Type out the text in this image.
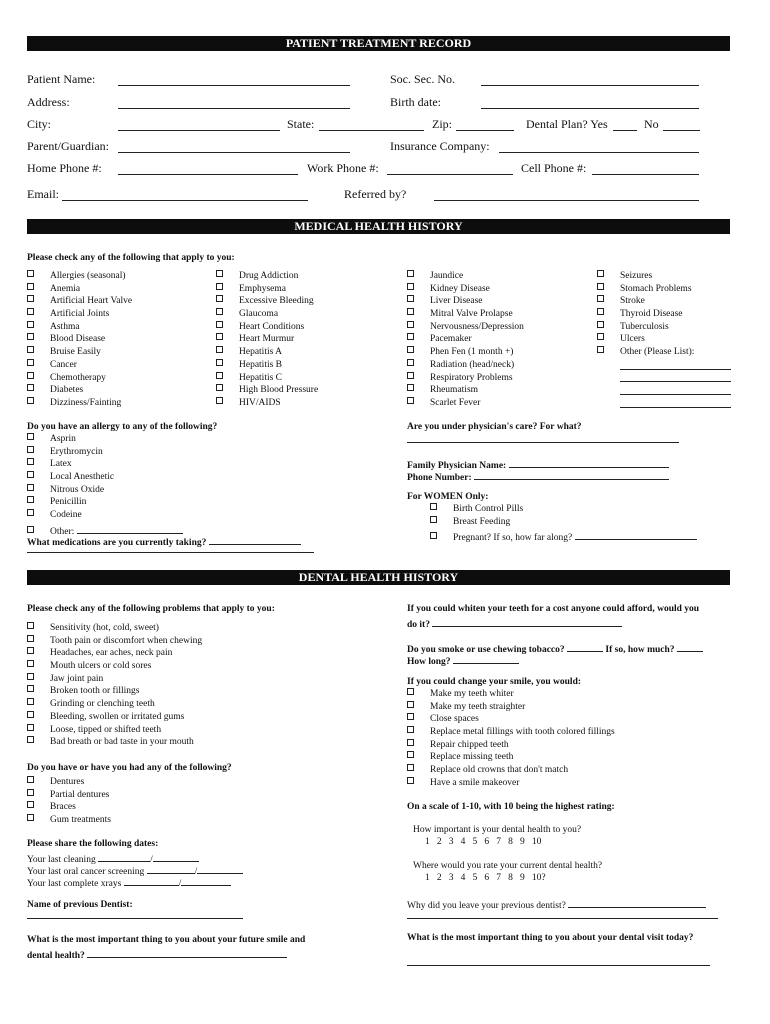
PATIENT TREATMENT RECORD
Patient Name:	Soc. Sec. No.
Address:	Birth date:
City:	State:	Zip:	Dental Plan? Yes	No
Parent/Guardian:	Insurance Company:
Home Phone #:	Work Phone #:	Cell Phone #:
Email:	Referred by?
MEDICAL HEALTH HISTORY
Please check any of the following that apply to you:
Allergies (seasonal)
Anemia
Artificial Heart Valve
Artificial Joints
Asthma
Blood Disease
Bruise Easily
Cancer
Chemotherapy
Diabetes
Dizziness/Fainting
Drug Addiction
Emphysema
Excessive Bleeding
Glaucoma
Heart Conditions
Heart Murmur
Hepatitis A
Hepatitis B
Hepatitis C
High Blood Pressure
HIV/AIDS
Jaundice
Kidney Disease
Liver Disease
Mitral Valve Prolapse
Nervousness/Depression
Pacemaker
Phen Fen (1 month +)
Radiation (head/neck)
Respiratory Problems
Rheumatism
Scarlet Fever
Seizures
Stomach Problems
Stroke
Thyroid Disease
Tuberculosis
Ulcers
Other (Please List):
Do you have an allergy to any of the following?
Asprin
Erythromycin
Latex
Local Anesthetic
Nitrous Oxide
Penicillin
Codeine
Other:
What medications are you currently taking?
Are you under physician's care? For what?
Family Physician Name:
Phone Number:
For WOMEN Only:
Birth Control Pills
Breast Feeding
Pregnant? If so, how far along?
DENTAL HEALTH HISTORY
Please check any of the following problems that apply to you:
Sensitivity (hot, cold, sweet)
Tooth pain or discomfort when chewing
Headaches, ear aches, neck pain
Mouth ulcers or cold sores
Jaw joint pain
Broken tooth or fillings
Grinding or clenching teeth
Bleeding, swollen or irritated gums
Loose, tipped or shifted teeth
Bad breath or bad taste in your mouth
Do you have or have you had any of the following?
Dentures
Partial dentures
Braces
Gum treatments
Please share the following dates:
Your last cleaning	/
Your last oral cancer screening	/
Your last complete xrays	/
Name of previous Dentist:
What is the most important thing to you about your future smile and
dental health?
If you could whiten your teeth for a cost anyone could afford, would you
do it?
Do you smoke or use chewing tobacco?	If so, how much?
How long?
If you could change your smile, you would:
Make my teeth whiter
Make my teeth straighter
Close spaces
Replace metal fillings with tooth colored fillings
Repair chipped teeth
Replace missing teeth
Replace old crowns that don't match
Have a smile makeover
On a scale of 1-10, with 10 being the highest rating:
How important is your dental health to you?
1   2   3   4   5   6   7   8   9   10
Where would you rate your current dental health?
1   2   3   4   5   6   7   8   9   10?
Why did you leave your previous dentist?
What is the most important thing to you about your dental visit today?
